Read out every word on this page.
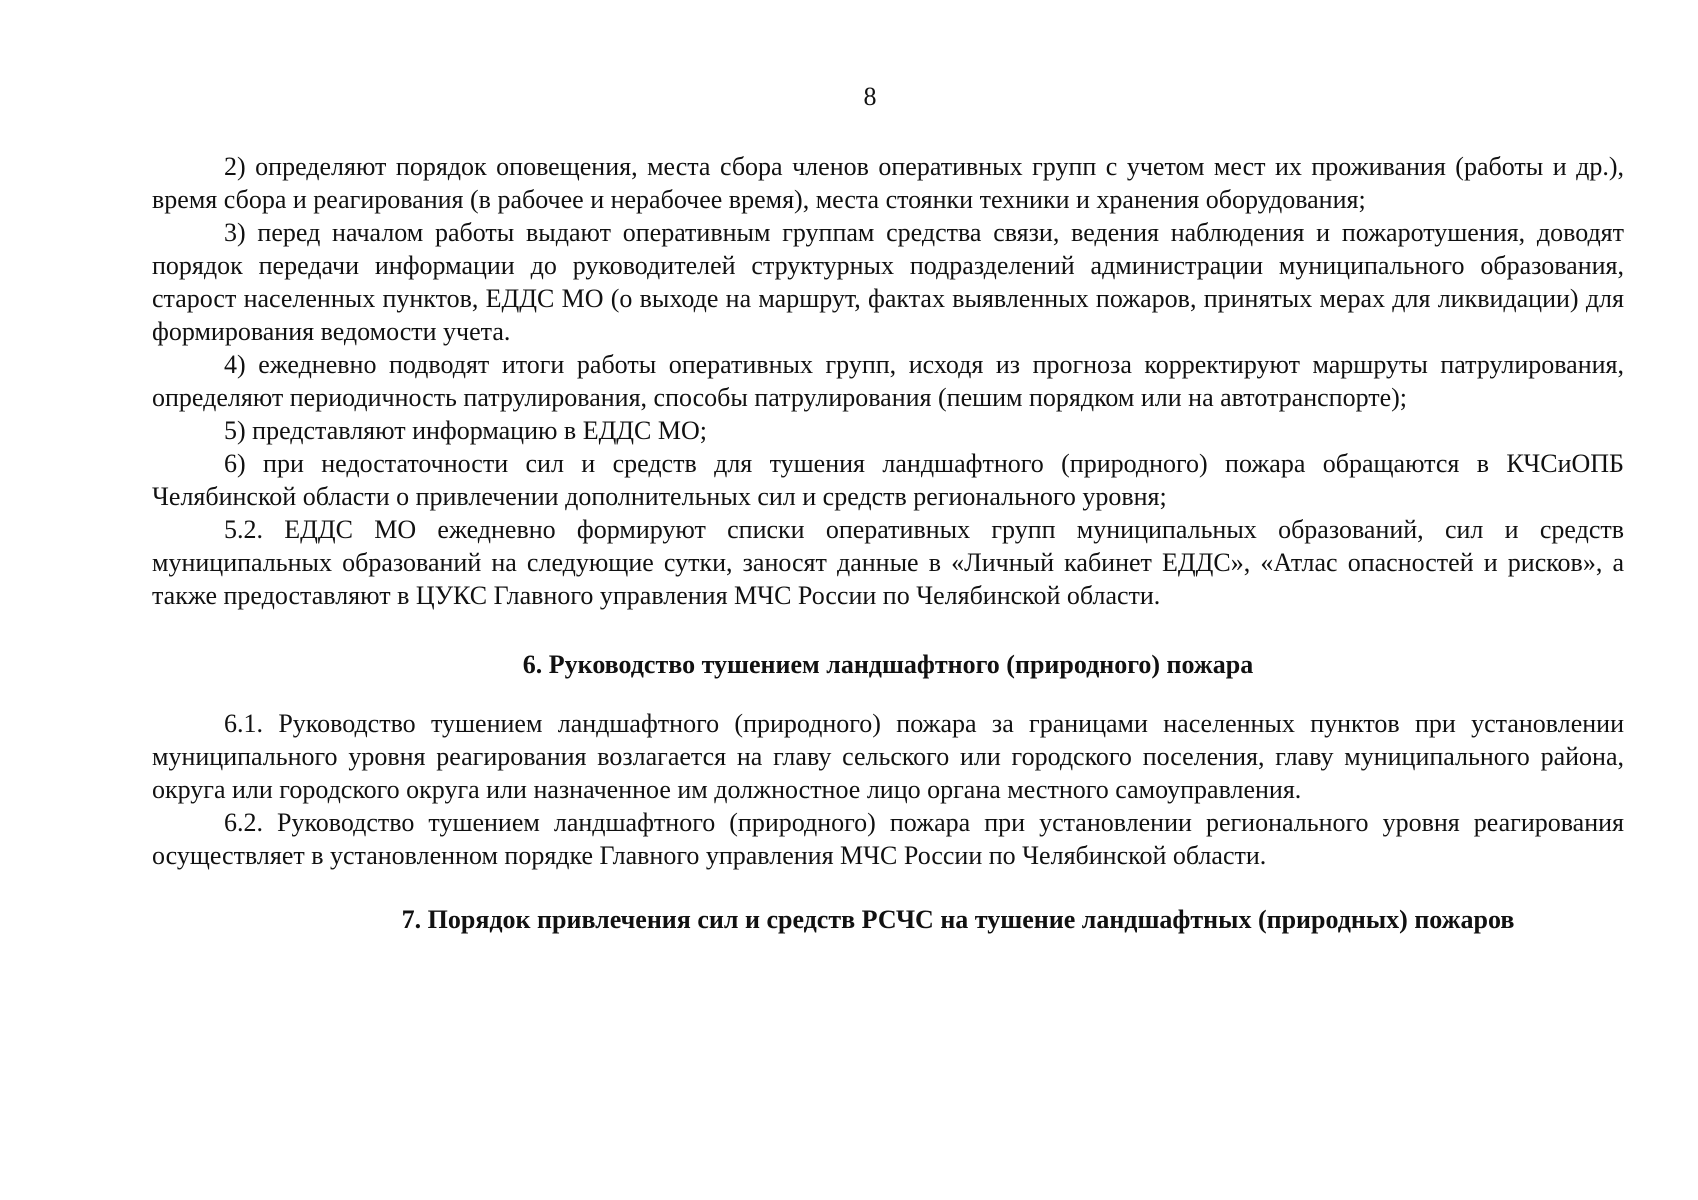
8

2) определяют порядок оповещения, места сбора членов оперативных групп с учетом мест их проживания (работы и др.), время сбора и реагирования (в рабочее и нерабочее время), места стоянки техники и хранения оборудования;

3) перед началом работы выдают оперативным группам средства связи, ведения наблюдения и пожаротушения, доводят порядок передачи информации до руководителей структурных подразделений администрации муниципального образования, старост населенных пунктов, ЕДДС МО (о выходе на маршрут, фактах выявленных пожаров, принятых мерах для ликвидации) для формирования ведомости учета.

4) ежедневно подводят итоги работы оперативных групп, исходя из прогноза корректируют маршруты патрулирования, определяют периодичность патрулирования, способы патрулирования (пешим порядком или на автотранспорте);

5) представляют информацию в ЕДДС МО;

6) при недостаточности сил и средств для тушения ландшафтного (природного) пожара обращаются в КЧСиОПБ Челябинской области о привлечении дополнительных сил и средств регионального уровня;

5.2. ЕДДС МО ежедневно формируют списки оперативных групп муниципальных образований, сил и средств муниципальных образований на следующие сутки, заносят данные в «Личный кабинет ЕДДС», «Атлас опасностей и рисков», а также предоставляют в ЦУКС Главного управления МЧС России по Челябинской области.

6. Руководство тушением ландшафтного (природного) пожара

6.1. Руководство тушением ландшафтного (природного) пожара за границами населенных пунктов при установлении муниципального уровня реагирования возлагается на главу сельского или городского поселения, главу муниципального района, округа или городского округа или назначенное им должностное лицо органа местного самоуправления.

6.2. Руководство тушением ландшафтного (природного) пожара при установлении регионального уровня реагирования осуществляет в установленном порядке Главного управления МЧС России по Челябинской области.

7. Порядок привлечения сил и средств РСЧС на тушение ландшафтных (природных) пожаров
